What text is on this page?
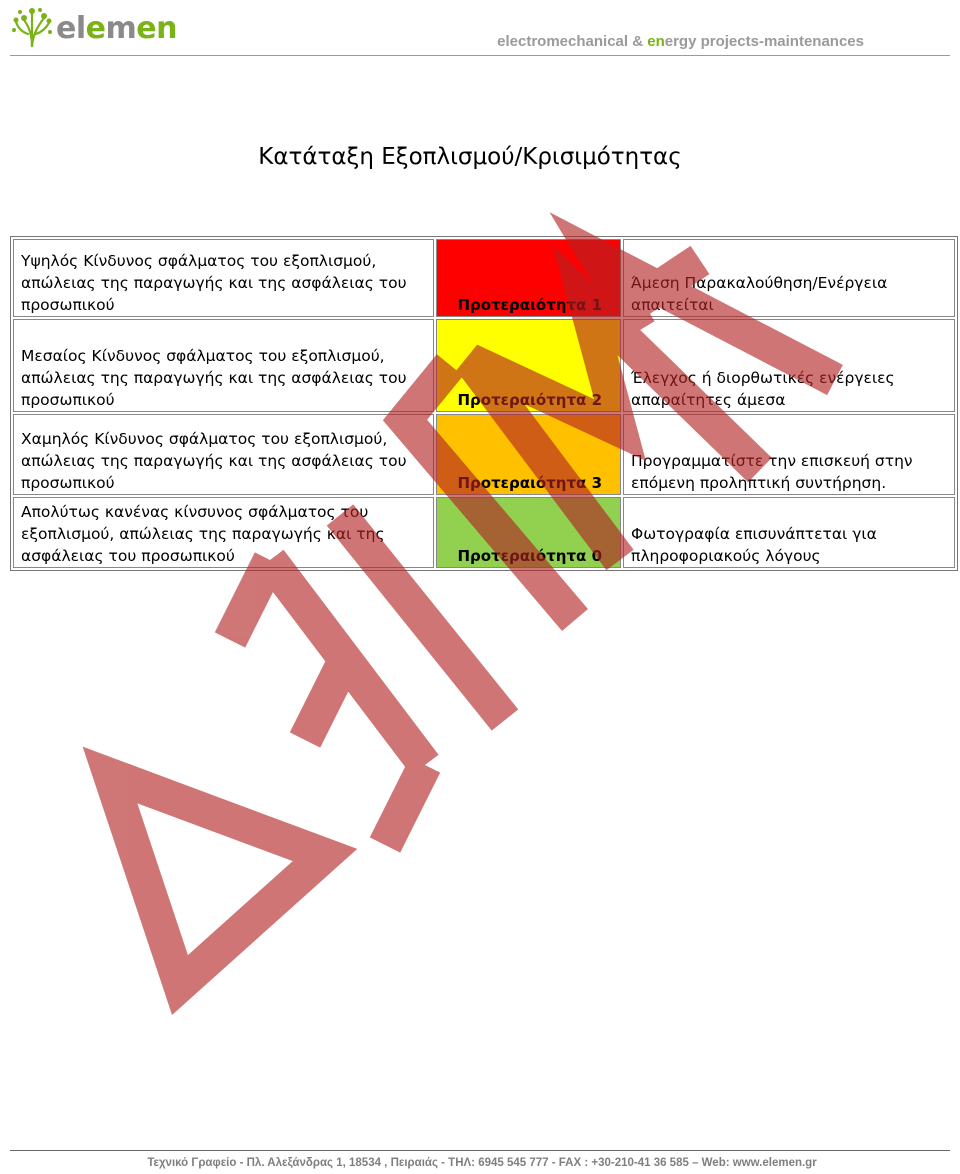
elemen	electromechanical & energy projects-maintenances
Κατάταξη Εξοπλισμού/Κρισιμότητας
Υψηλός Κίνδυνος σφάλματος του εξοπλισμού, απώλειας της παραγωγής και της ασφάλειας του προσωπικού	Προτεραιότητα 1	Άμεση Παρακαλούθηση/Ενέργεια απαιτείται

Μεσαίος Κίνδυνος σφάλματος του εξοπλισμού, απώλειας της παραγωγής και της ασφάλειας του προσωπικού	Προτεραιότητα 2	Έλεγχος ή διορθωτικές ενέργειες απαραίτητες άμεσα

Χαμηλός Κίνδυνος σφάλματος του εξοπλισμού, απώλειας της παραγωγής και της ασφάλειας του προσωπικού	Προτεραιότητα 3	Προγραμματίστε την επισκευή στην επόμενη προληπτική συντήρηση.

Απολύτως κανένας κίνσυνος σφάλματος του εξοπλισμού, απώλειας της παραγωγής και της ασφάλειας του προσωπικού	Προτεραιότητα 0	Φωτογραφία επισυνάπτεται για πληροφοριακούς λόγους
Τεχνικό Γραφείο - Πλ. Αλεξάνδρας 1, 18534 , Πειραιάς - ΤΗΛ: 6945 545 777 - FAX : +30-210-41 36 585 – Web: www.elemen.gr
